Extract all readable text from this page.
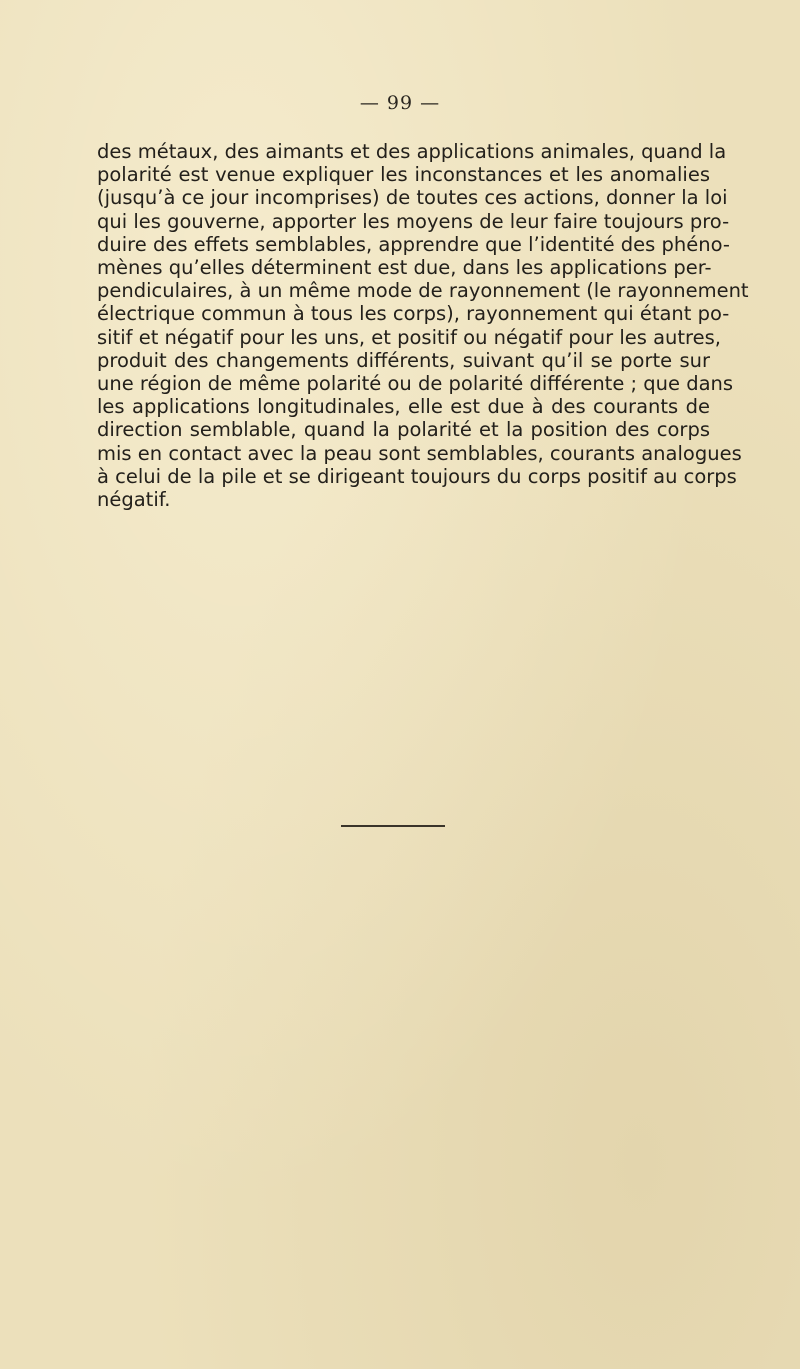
— 99 —
des métaux, des aimants et des applications animales, quand la
polarité est venue expliquer les inconstances et les anomalies
(jusqu’à ce jour incomprises) de toutes ces actions, donner la loi
qui les gouverne, apporter les moyens de leur faire toujours pro-
duire des effets semblables, apprendre que l’identité des phéno-
mènes qu’elles déterminent est due, dans les applications per-
pendiculaires, à un même mode de rayonnement (le rayonnement
électrique commun à tous les corps), rayonnement qui étant po-
sitif et négatif pour les uns, et positif ou négatif pour les autres,
produit des changements différents, suivant qu’il se porte sur
une région de même polarité ou de polarité différente ; que dans
les applications longitudinales, elle est due à des courants de
direction semblable, quand la polarité et la position des corps
mis en contact avec la peau sont semblables, courants analogues
à celui de la pile et se dirigeant toujours du corps positif au corps
négatif.
